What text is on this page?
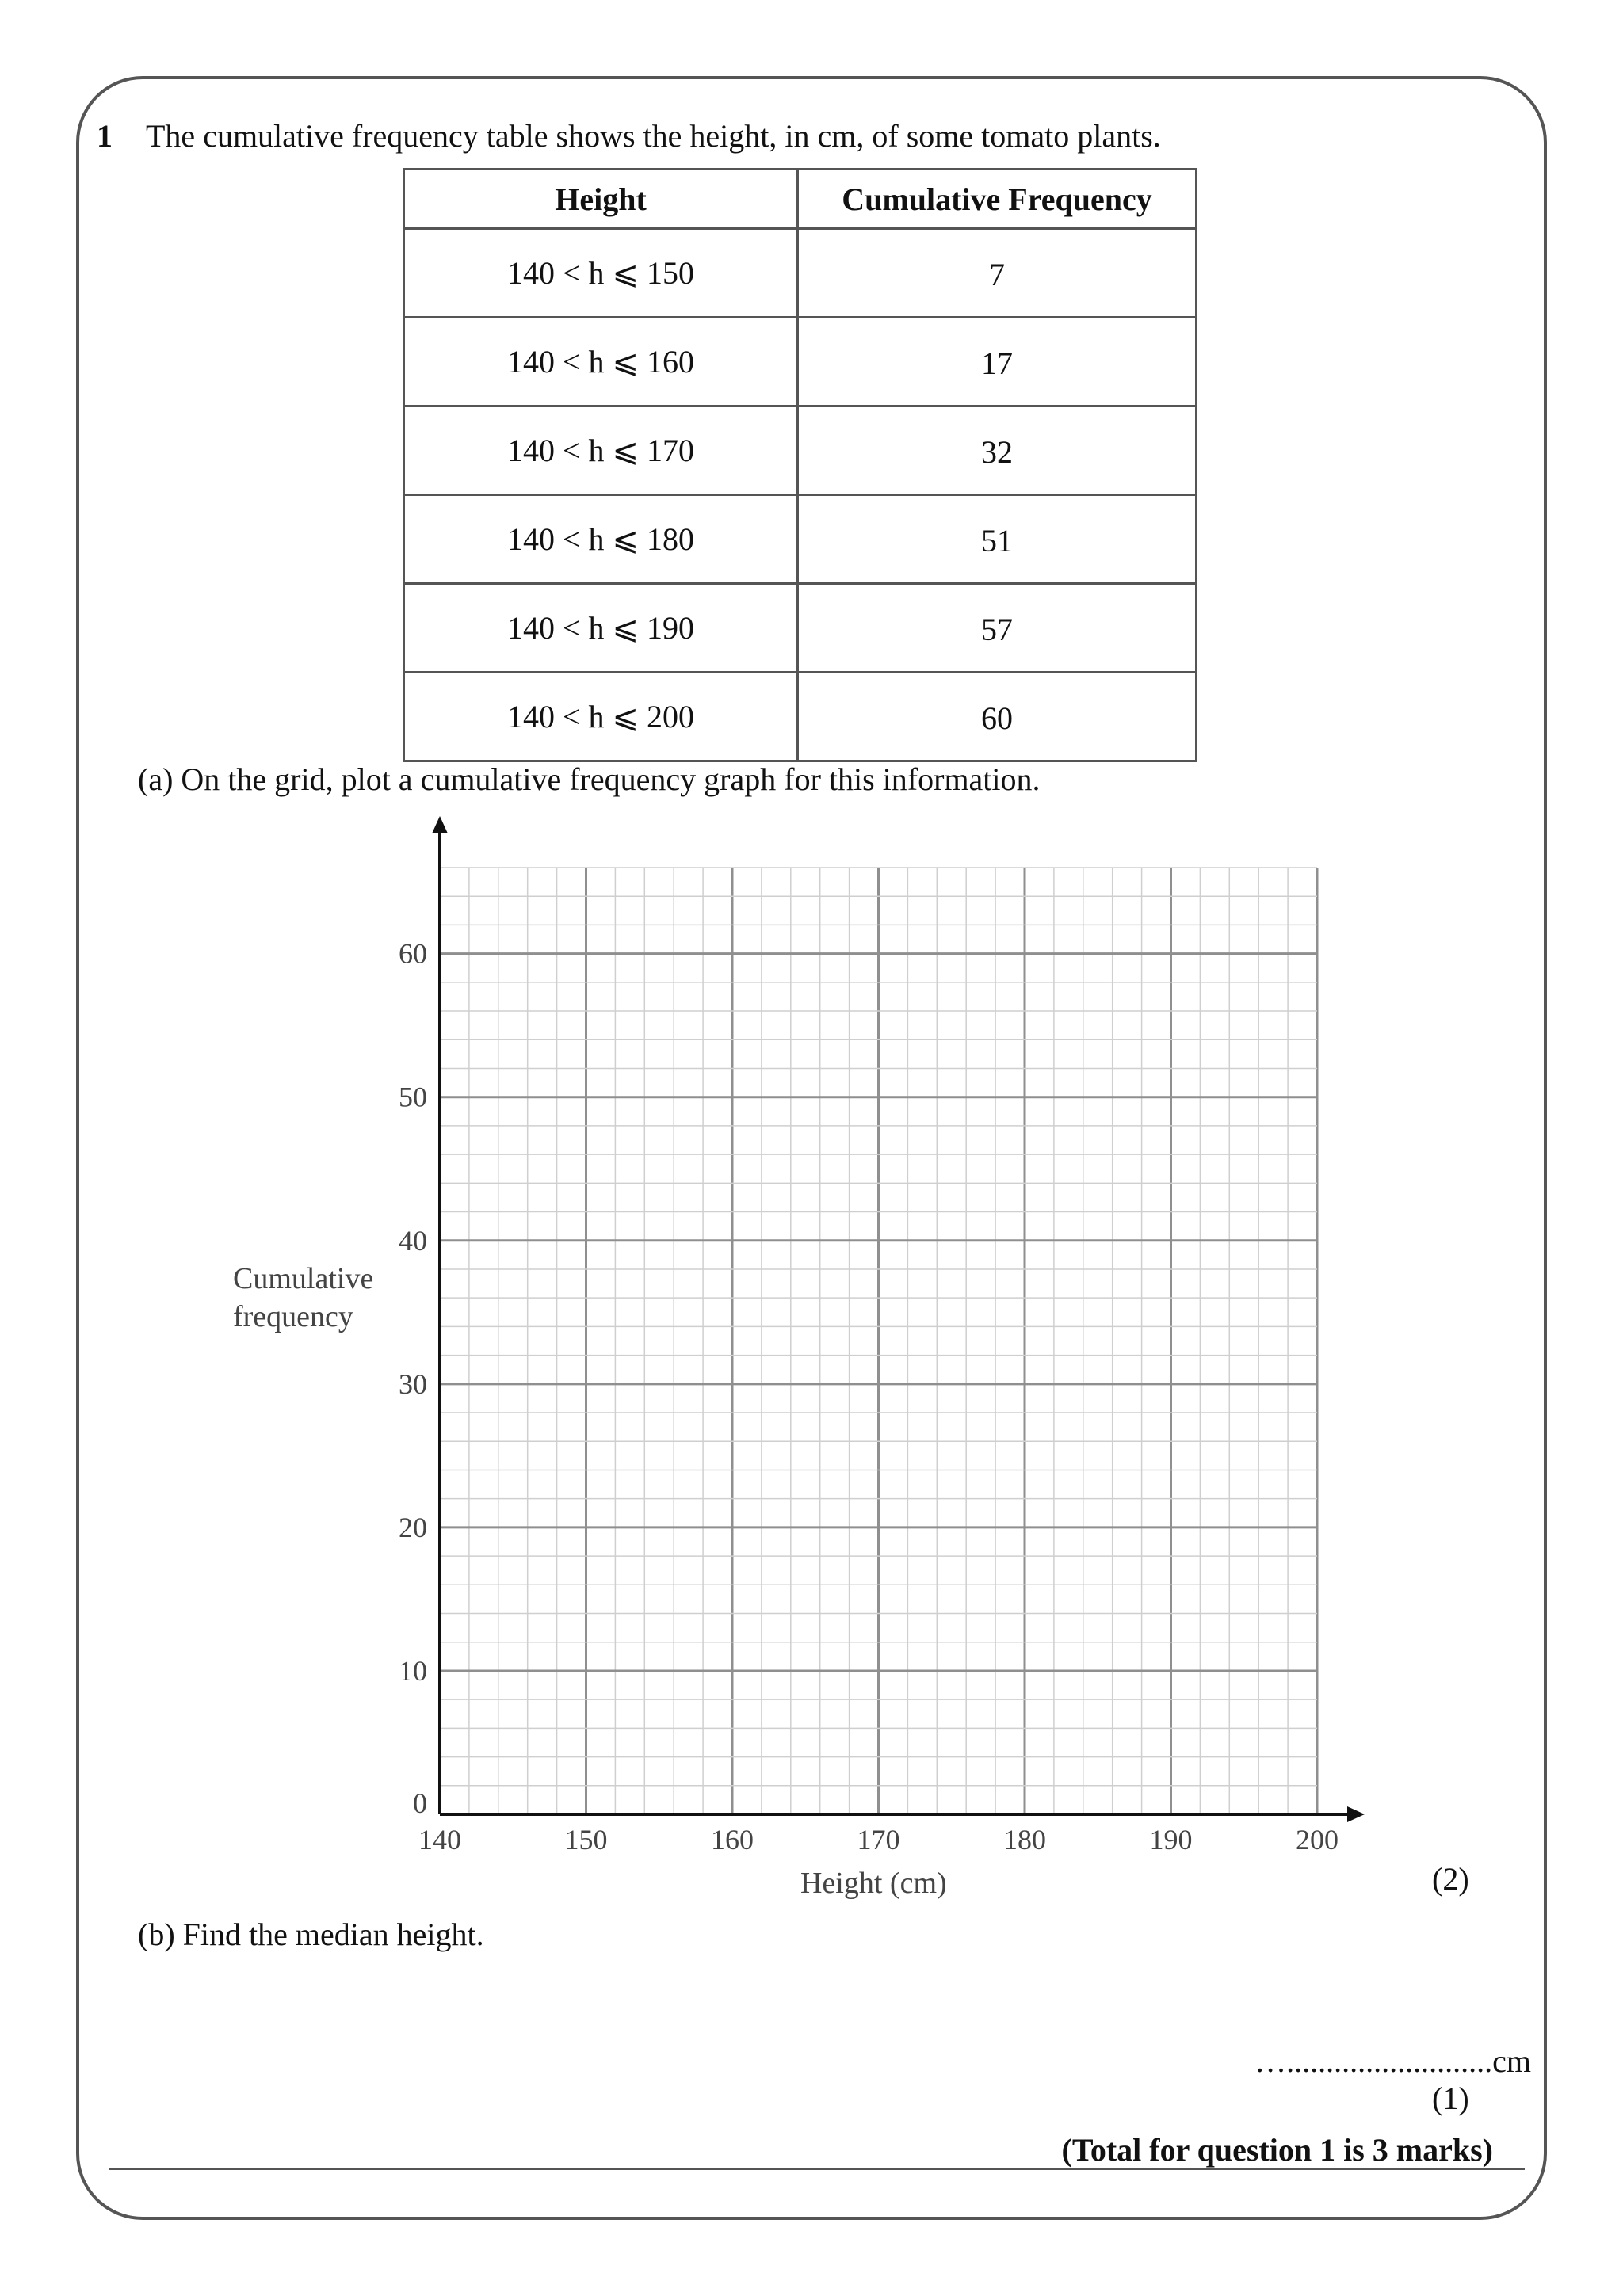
1 The cumulative frequency table shows the height, in cm, of some tomato plants.
Height	Cumulative Frequency
140 < h ⩽ 150	7
140 < h ⩽ 160	17
140 < h ⩽ 170	32
140 < h ⩽ 180	51
140 < h ⩽ 190	57
140 < h ⩽ 200	60
(a) On the grid, plot a cumulative frequency graph for this information.
140	150	160	170	180	190	200
0
10
20
30
40
50
60
Cumulative
frequency
Height (cm)	(2)
(b) Find the median height.
…..........................cm
(1)
(Total for question 1 is 3 marks)
